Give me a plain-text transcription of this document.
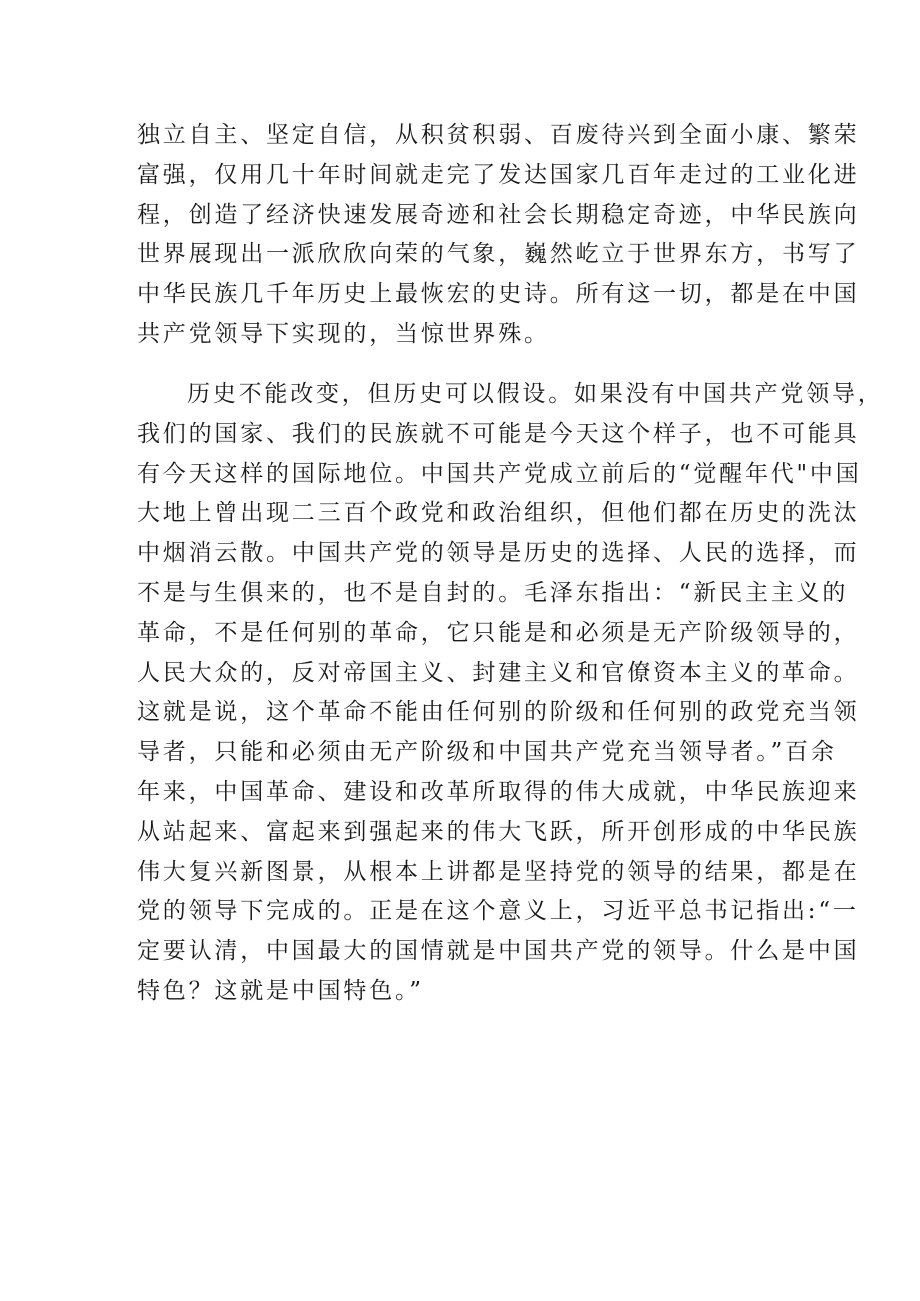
独立自主、坚定自信，从积贫积弱、百废待兴到全面小康、繁荣
富强，仅用几十年时间就走完了发达国家几百年走过的工业化进
程，创造了经济快速发展奇迹和社会长期稳定奇迹，中华民族向
世界展现出一派欣欣向荣的气象，巍然屹立于世界东方，书写了
中华民族几千年历史上最恢宏的史诗。所有这一切，都是在中国
共产党领导下实现的，当惊世界殊。
历史不能改变，但历史可以假设。如果没有中国共产党领导，
我们的国家、我们的民族就不可能是今天这个样子，也不可能具
有今天这样的国际地位。中国共产党成立前后的“觉醒年代"中国
大地上曾出现二三百个政党和政治组织，但他们都在历史的洗汰
中烟消云散。中国共产党的领导是历史的选择、人民的选择，而
不是与生俱来的，也不是自封的。毛泽东指出：“新民主主义的
革命，不是任何别的革命，它只能是和必须是无产阶级领导的，
人民大众的，反对帝国主义、封建主义和官僚资本主义的革命。
这就是说，这个革命不能由任何别的阶级和任何别的政党充当领
导者，只能和必须由无产阶级和中国共产党充当领导者。”百余
年来，中国革命、建设和改革所取得的伟大成就，中华民族迎来
从站起来、富起来到强起来的伟大飞跃，所开创形成的中华民族
伟大复兴新图景，从根本上讲都是坚持党的领导的结果，都是在
党的领导下完成的。正是在这个意义上，习近平总书记指出:“一
定要认清，中国最大的国情就是中国共产党的领导。什么是中国
特色？这就是中国特色。”
